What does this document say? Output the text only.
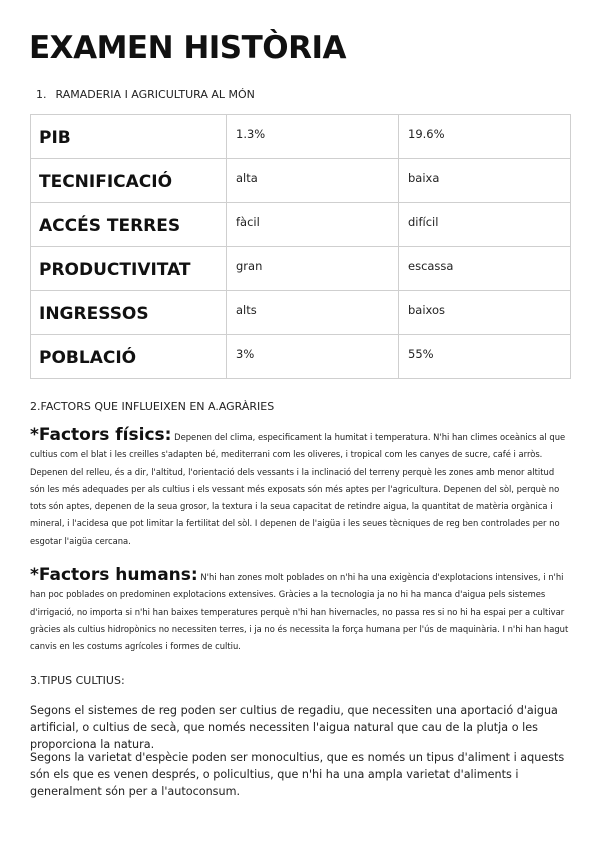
EXAMEN HISTÒRIA
1. RAMADERIA I AGRICULTURA AL MÓN
PIB	1.3%	19.6%
TECNIFICACIÓ	alta	baixa
ACCÉS TERRES	fàcil	difícil
PRODUCTIVITAT	gran	escassa
INGRESSOS	alts	baixos
POBLACIÓ	3%	55%
2.FACTORS QUE INFLUEIXEN EN A.AGRÀRIES
*Factors físics: Depenen del clima, especificament la humitat i temperatura. N'hi han climes oceànics al que cultius com el blat i les creilles s'adapten bé, mediterrani com les oliveres, i tropical com les canyes de sucre, café i arròs. Depenen del relleu, és a dir, l'altitud, l'orientació dels vessants i la inclinació del terreny perquè les zones amb menor altitud són les més adequades per als cultius i els vessant més exposats són més aptes per l'agricultura. Depenen del sòl, perquè no tots són aptes, depenen de la seua grosor, la textura i la seua capacitat de retindre aigua, la quantitat de matèria orgànica i mineral, i l'acidesa que pot limitar la fertilitat del sòl. I depenen de l'aigüa i les seues tècniques de reg ben controlades per no esgotar l'aigüa cercana.
*Factors humans: N'hi han zones molt poblades on n'hi ha una exigència d'explotacions intensives, i n'hi han poc poblades on predominen explotacions extensives. Gràcies a la tecnologia ja no hi ha manca d'aigua pels sistemes d'irrigació, no importa si n'hi han baixes temperatures perquè n'hi han hivernacles, no passa res si no hi ha espai per a cultivar gràcies als cultius hidropònics no necessiten terres, i ja no és necessita la força humana per l'ús de maquinària. I n'hi han hagut canvis en les costums agrícoles i formes de cultiu.
3.TIPUS CULTIUS:
Segons el sistemes de reg poden ser cultius de regadiu, que necessiten una aportació d'aigua artificial, o cultius de secà, que només necessiten l'aigua natural que cau de la plutja o les proporciona la natura.
Segons la varietat d'espècie poden ser monocultius, que es només un tipus d'aliment i aquests són els que es venen després, o policultius, que n'hi ha una ampla varietat d'aliments i generalment són per a l'autoconsum.
